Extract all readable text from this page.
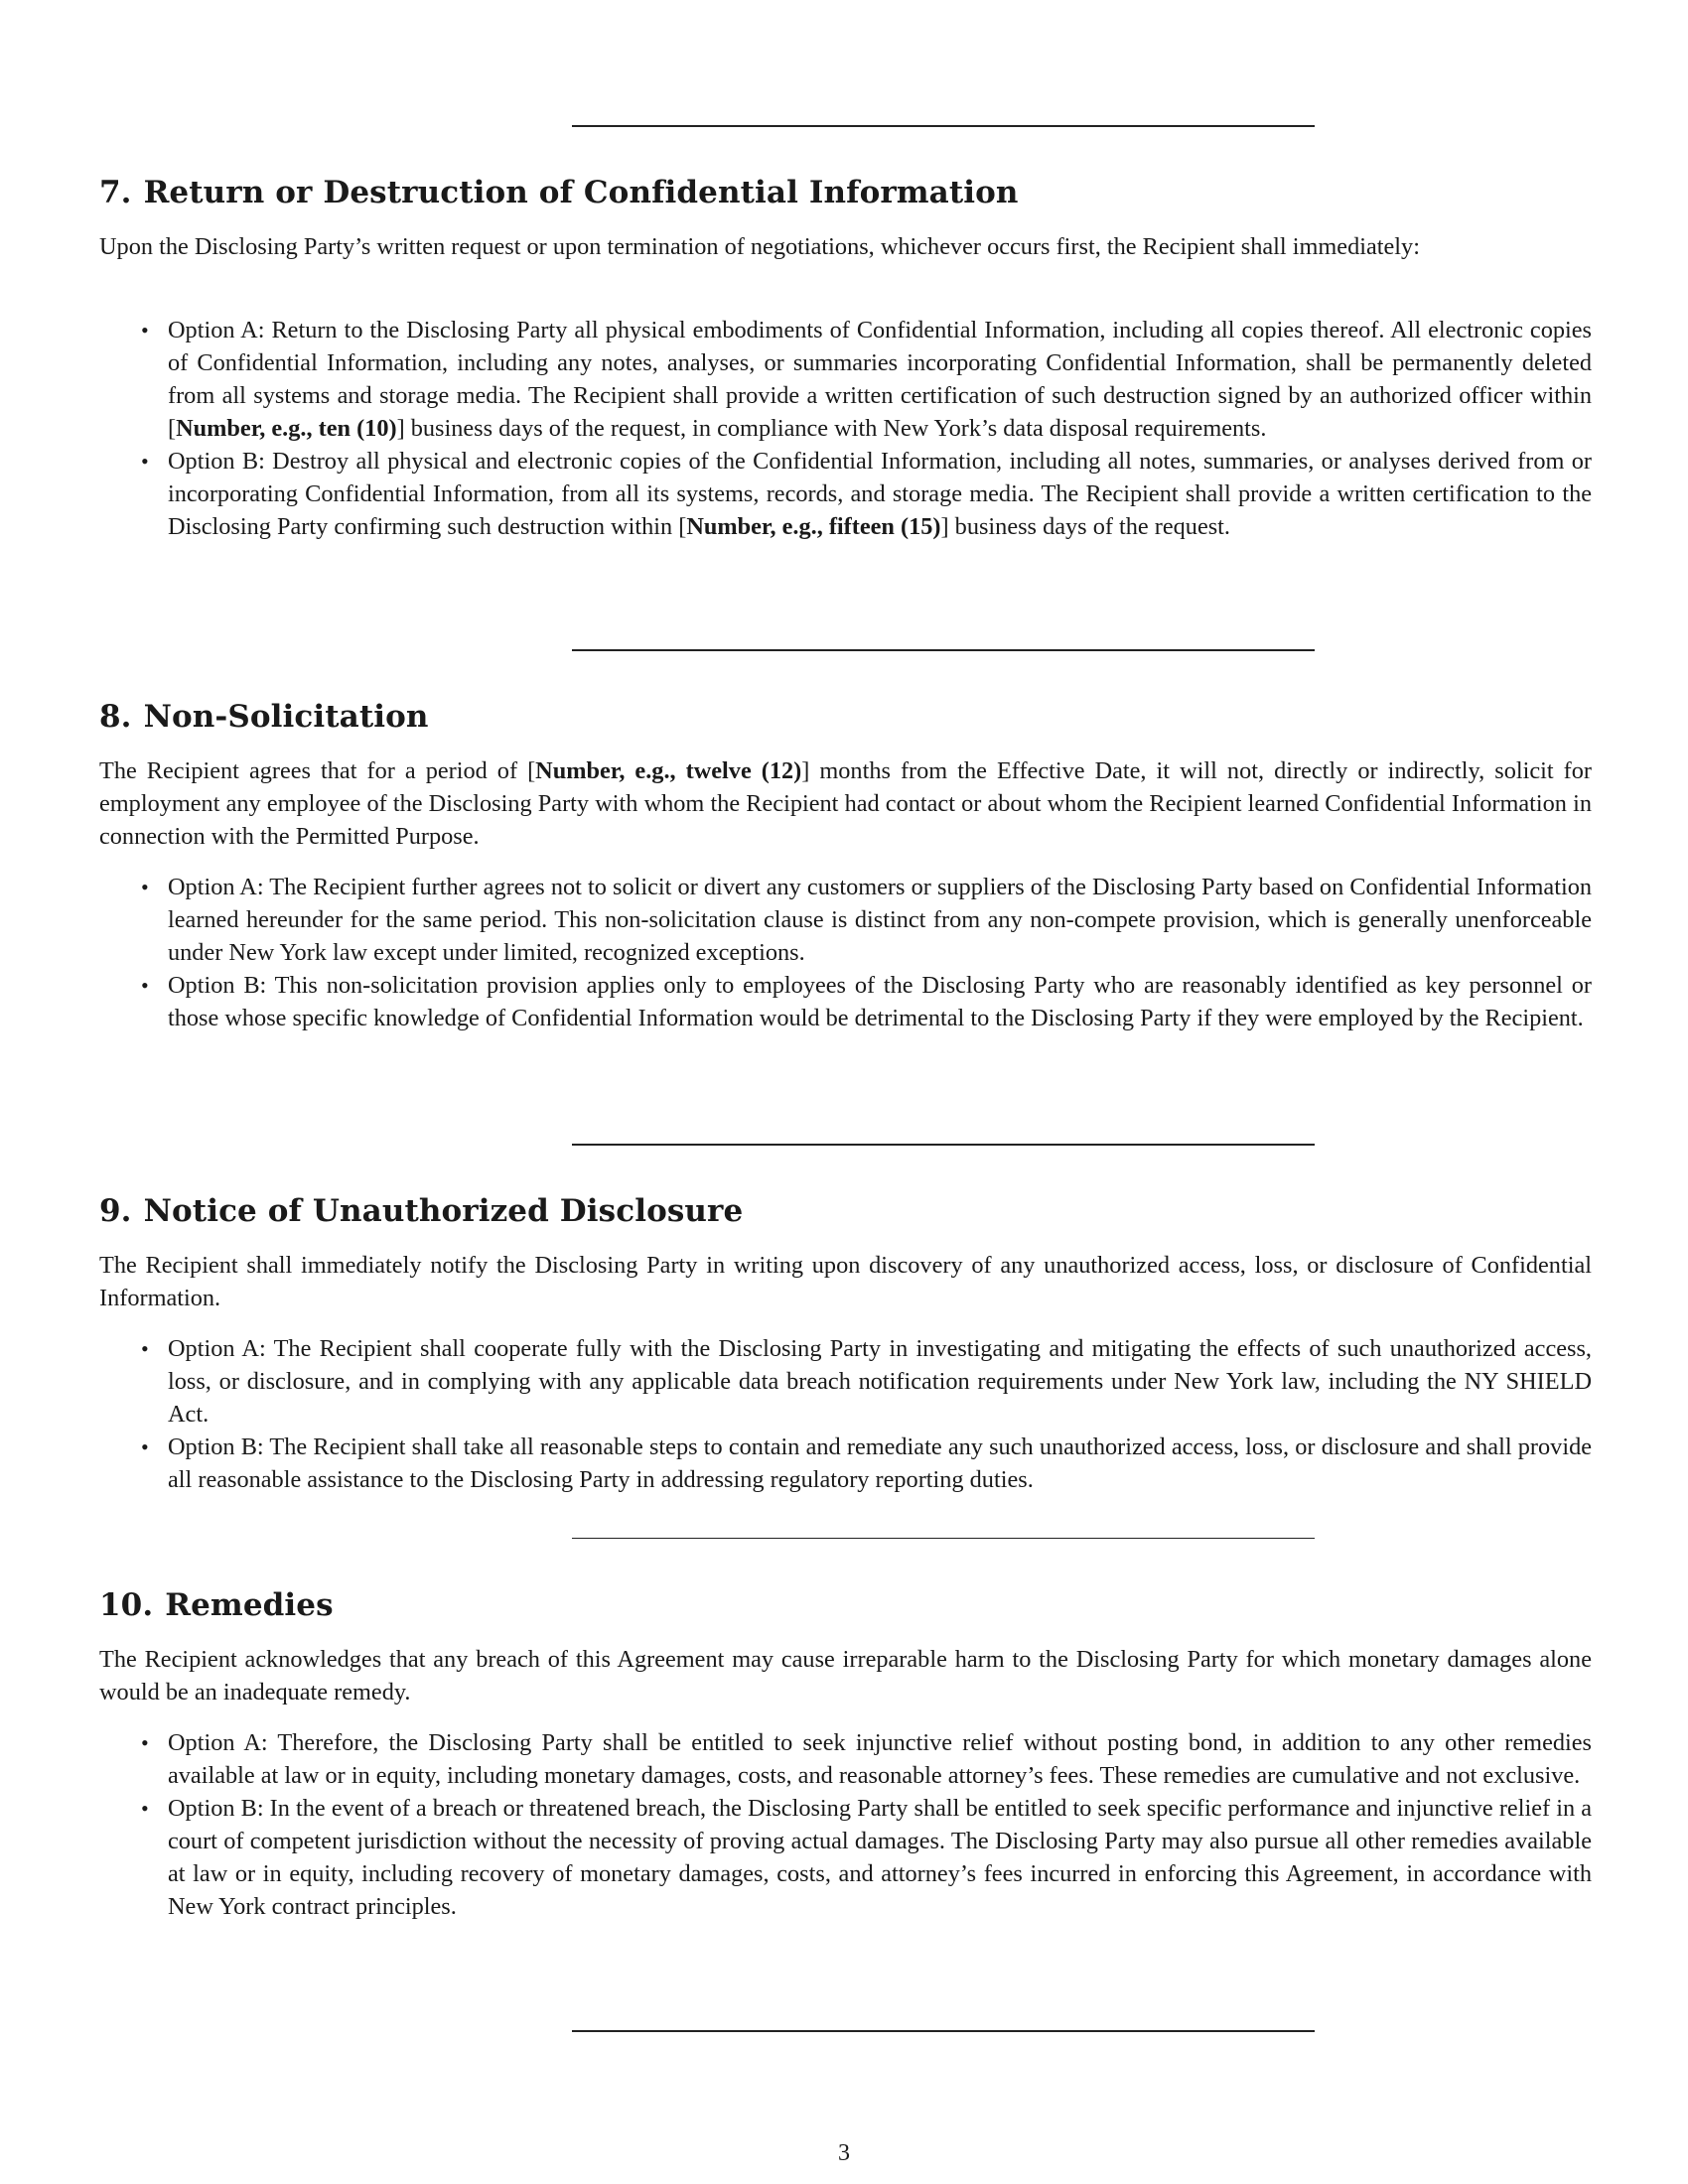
7. Return or Destruction of Confidential Information

Upon the Disclosing Party’s written request or upon termination of negotiations, whichever occurs first, the Recipient shall immediately:

• Option A: Return to the Disclosing Party all physical embodiments of Confidential Information, including all copies thereof. All electronic copies of Confidential Information, including any notes, analyses, or summaries incorporating Confidential Information, shall be permanently deleted from all systems and storage media. The Recipient shall provide a written certification of such destruction signed by an authorized officer within [Number, e.g., ten (10)] business days of the request, in compliance with New York’s data disposal requirements.
• Option B: Destroy all physical and electronic copies of the Confidential Information, including all notes, summaries, or analyses derived from or incorporating Confidential Information, from all its systems, records, and storage media. The Recipient shall provide a written certification to the Disclosing Party confirming such destruction within [Number, e.g., fifteen (15)] business days of the request.
8. Non-Solicitation

The Recipient agrees that for a period of [Number, e.g., twelve (12)] months from the Effective Date, it will not, directly or indirectly, solicit for employment any employee of the Disclosing Party with whom the Recipient had contact or about whom the Recipient learned Confidential Information in connection with the Permitted Purpose.

• Option A: The Recipient further agrees not to solicit or divert any customers or suppliers of the Disclosing Party based on Confidential Information learned hereunder for the same period. This non-solicitation clause is distinct from any non-compete provision, which is generally unenforceable under New York law except under limited, recognized exceptions.
• Option B: This non-solicitation provision applies only to employees of the Disclosing Party who are reasonably identified as key personnel or those whose specific knowledge of Confidential Information would be detrimental to the Disclosing Party if they were employed by the Recipient.
9. Notice of Unauthorized Disclosure

The Recipient shall immediately notify the Disclosing Party in writing upon discovery of any unauthorized access, loss, or disclosure of Confidential Information.

• Option A: The Recipient shall cooperate fully with the Disclosing Party in investigating and mitigating the effects of such unauthorized access, loss, or disclosure, and in complying with any applicable data breach notification requirements under New York law, including the NY SHIELD Act.
• Option B: The Recipient shall take all reasonable steps to contain and remediate any such unauthorized access, loss, or disclosure and shall provide all reasonable assistance to the Disclosing Party in addressing regulatory reporting duties.
10. Remedies

The Recipient acknowledges that any breach of this Agreement may cause irreparable harm to the Disclosing Party for which monetary damages alone would be an inadequate remedy.

• Option A: Therefore, the Disclosing Party shall be entitled to seek injunctive relief without posting bond, in addition to any other remedies available at law or in equity, including monetary damages, costs, and reasonable attorney’s fees. These remedies are cumulative and not exclusive.
• Option B: In the event of a breach or threatened breach, the Disclosing Party shall be entitled to seek specific performance and injunctive relief in a court of competent jurisdiction without the necessity of proving actual damages. The Disclosing Party may also pursue all other remedies available at law or in equity, including recovery of monetary damages, costs, and attorney’s fees incurred in enforcing this Agreement, in accordance with New York contract principles.
3
